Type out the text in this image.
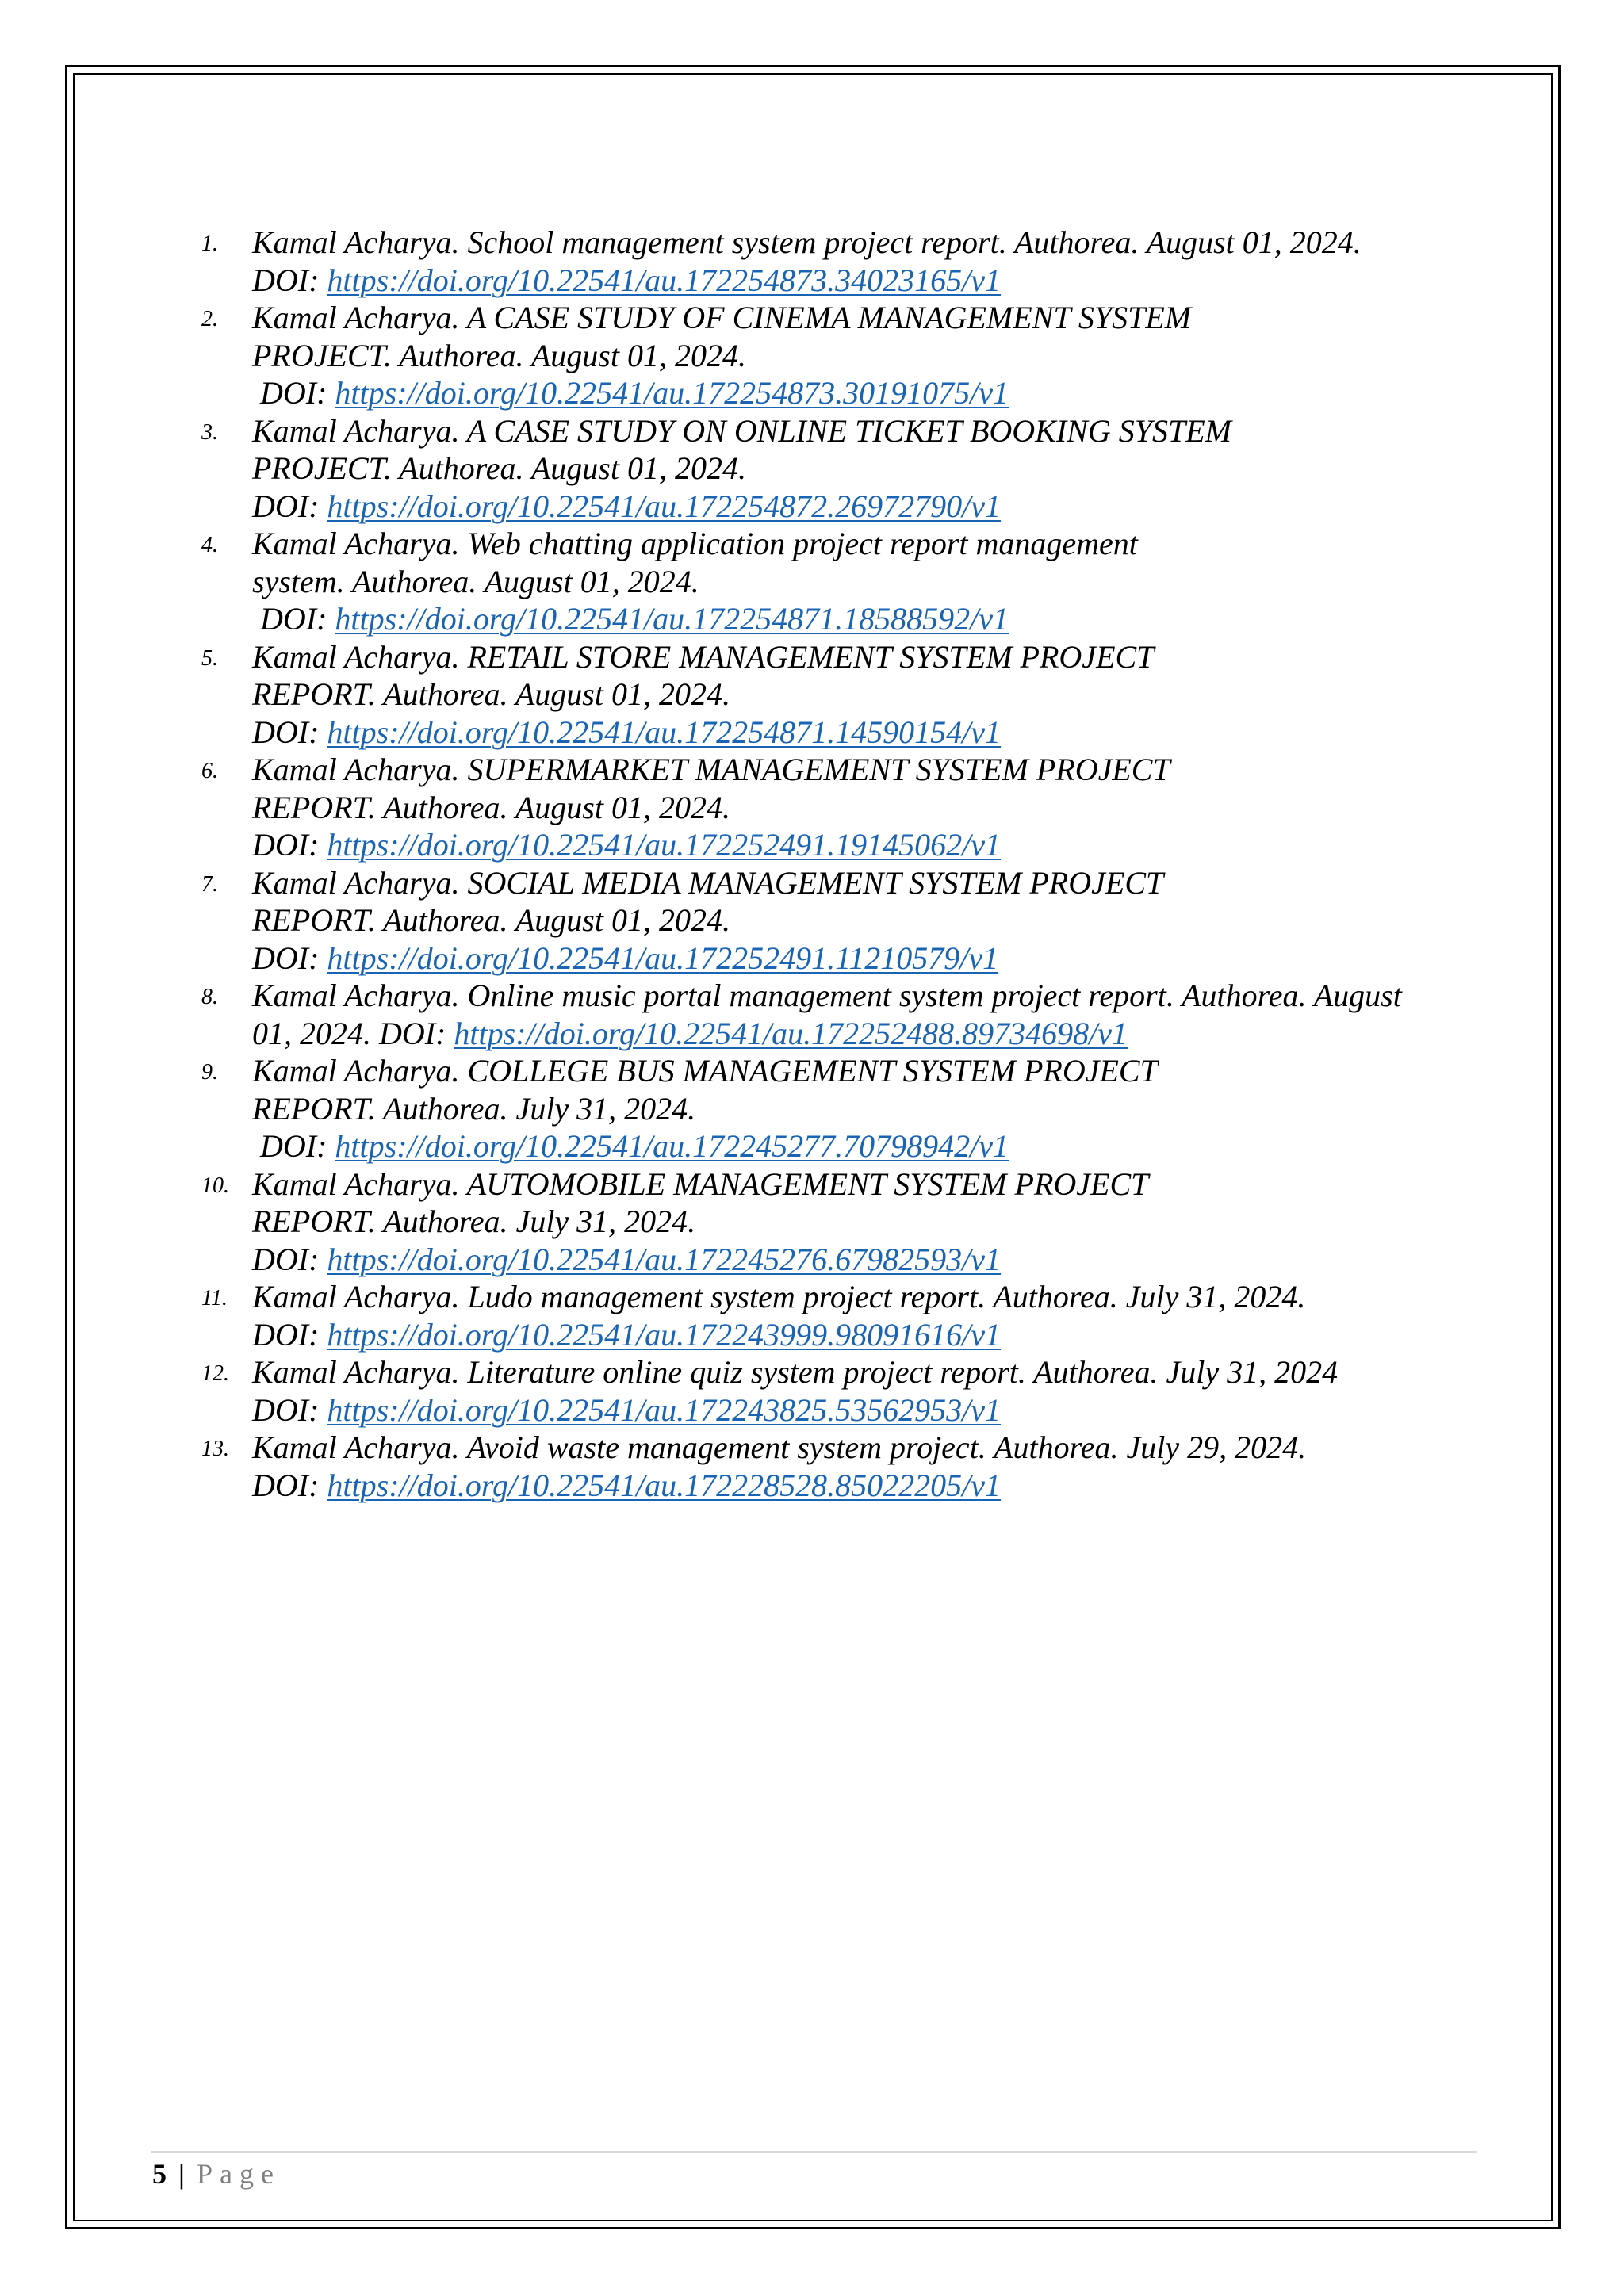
1.	Kamal Acharya. School management system project report. Authorea. August 01, 2024.
DOI: https://doi.org/10.22541/au.172254873.34023165/v1
2.	Kamal Acharya. A CASE STUDY OF CINEMA MANAGEMENT SYSTEM
PROJECT. Authorea. August 01, 2024.
DOI: https://doi.org/10.22541/au.172254873.30191075/v1
3.	Kamal Acharya. A CASE STUDY ON ONLINE TICKET BOOKING SYSTEM
PROJECT. Authorea. August 01, 2024.
DOI: https://doi.org/10.22541/au.172254872.26972790/v1
4.	Kamal Acharya. Web chatting application project report management
system. Authorea. August 01, 2024.
DOI: https://doi.org/10.22541/au.172254871.18588592/v1
5.	Kamal Acharya. RETAIL STORE MANAGEMENT SYSTEM PROJECT
REPORT. Authorea. August 01, 2024.
DOI: https://doi.org/10.22541/au.172254871.14590154/v1
6.	Kamal Acharya. SUPERMARKET MANAGEMENT SYSTEM PROJECT
REPORT. Authorea. August 01, 2024.
DOI: https://doi.org/10.22541/au.172252491.19145062/v1
7.	Kamal Acharya. SOCIAL MEDIA MANAGEMENT SYSTEM PROJECT
REPORT. Authorea. August 01, 2024.
DOI: https://doi.org/10.22541/au.172252491.11210579/v1
8.	Kamal Acharya. Online music portal management system project report. Authorea. August
01, 2024. DOI: https://doi.org/10.22541/au.172252488.89734698/v1
9.	Kamal Acharya. COLLEGE BUS MANAGEMENT SYSTEM PROJECT
REPORT. Authorea. July 31, 2024.
DOI: https://doi.org/10.22541/au.172245277.70798942/v1
10. Kamal Acharya. AUTOMOBILE MANAGEMENT SYSTEM PROJECT
REPORT. Authorea. July 31, 2024.
DOI: https://doi.org/10.22541/au.172245276.67982593/v1
11. Kamal Acharya. Ludo management system project report. Authorea. July 31, 2024.
DOI: https://doi.org/10.22541/au.172243999.98091616/v1
12. Kamal Acharya. Literature online quiz system project report. Authorea. July 31, 2024
DOI: https://doi.org/10.22541/au.172243825.53562953/v1
13. Kamal Acharya. Avoid waste management system project. Authorea. July 29, 2024.
DOI: https://doi.org/10.22541/au.172228528.85022205/v1
5 | Page
